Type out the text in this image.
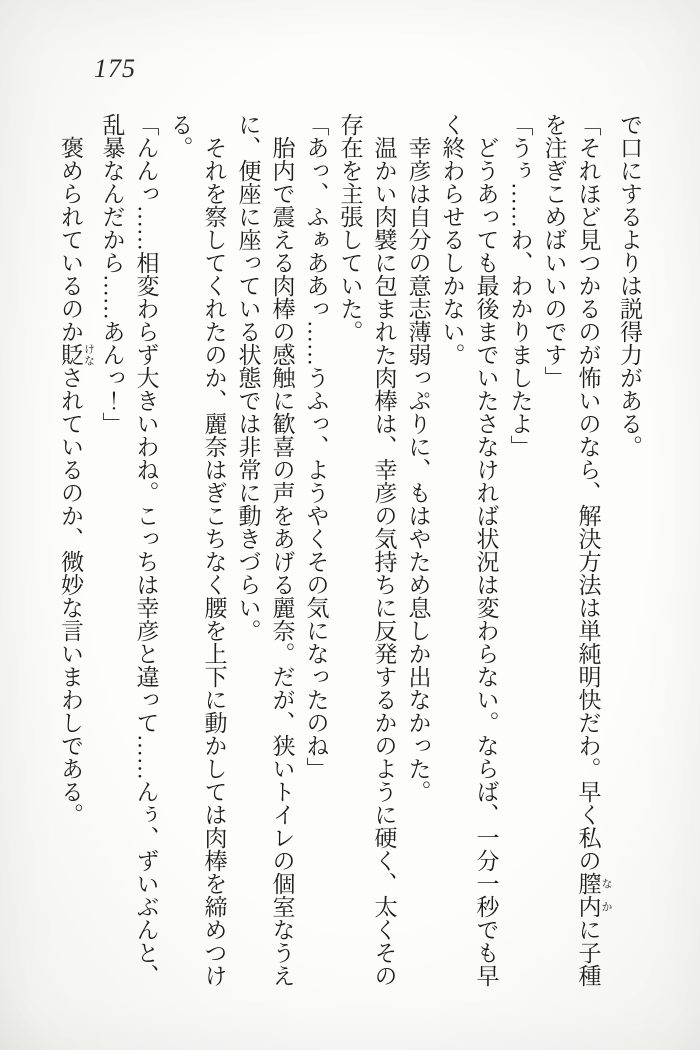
175

で口にするよりは説得力がある。

「それほど見つかるのが怖いのなら、解決方法は単純明快だわ。早く私の膣内 なかに子種を注ぎこめばいいのです」

「うぅ……わ、わかりましたよ」

どうあっても最後までいたさなければ状況は変わらない。ならば、一分一秒でも早く終わらせるしかない。

幸彦は自分の意志薄弱っぷりに、もはやため息しか出なかった。

温かい肉襞に包まれた肉棒は、幸彦の気持ちに反発するかのように硬く、太くその存在を主張していた。

「あっ、ふぁああっ……うふっ、ようやくその気になったのね」

胎内で震える肉棒の感触に歓喜の声をあげる麗奈。だが、狭いトイレの個室なうえに、便座に座っている状態では非常に動きづらい。

それを察してくれたのか、麗奈はぎこちなく腰を上下に動かしては肉棒を締めつける。

「んんっ……相変わらず大きいわね。こっちは幸彦と違って……んぅ、ずいぶんと、乱暴なんだから……あんっ！」

褒められているのか貶 けなされているのか、微妙な言いまわしである。
